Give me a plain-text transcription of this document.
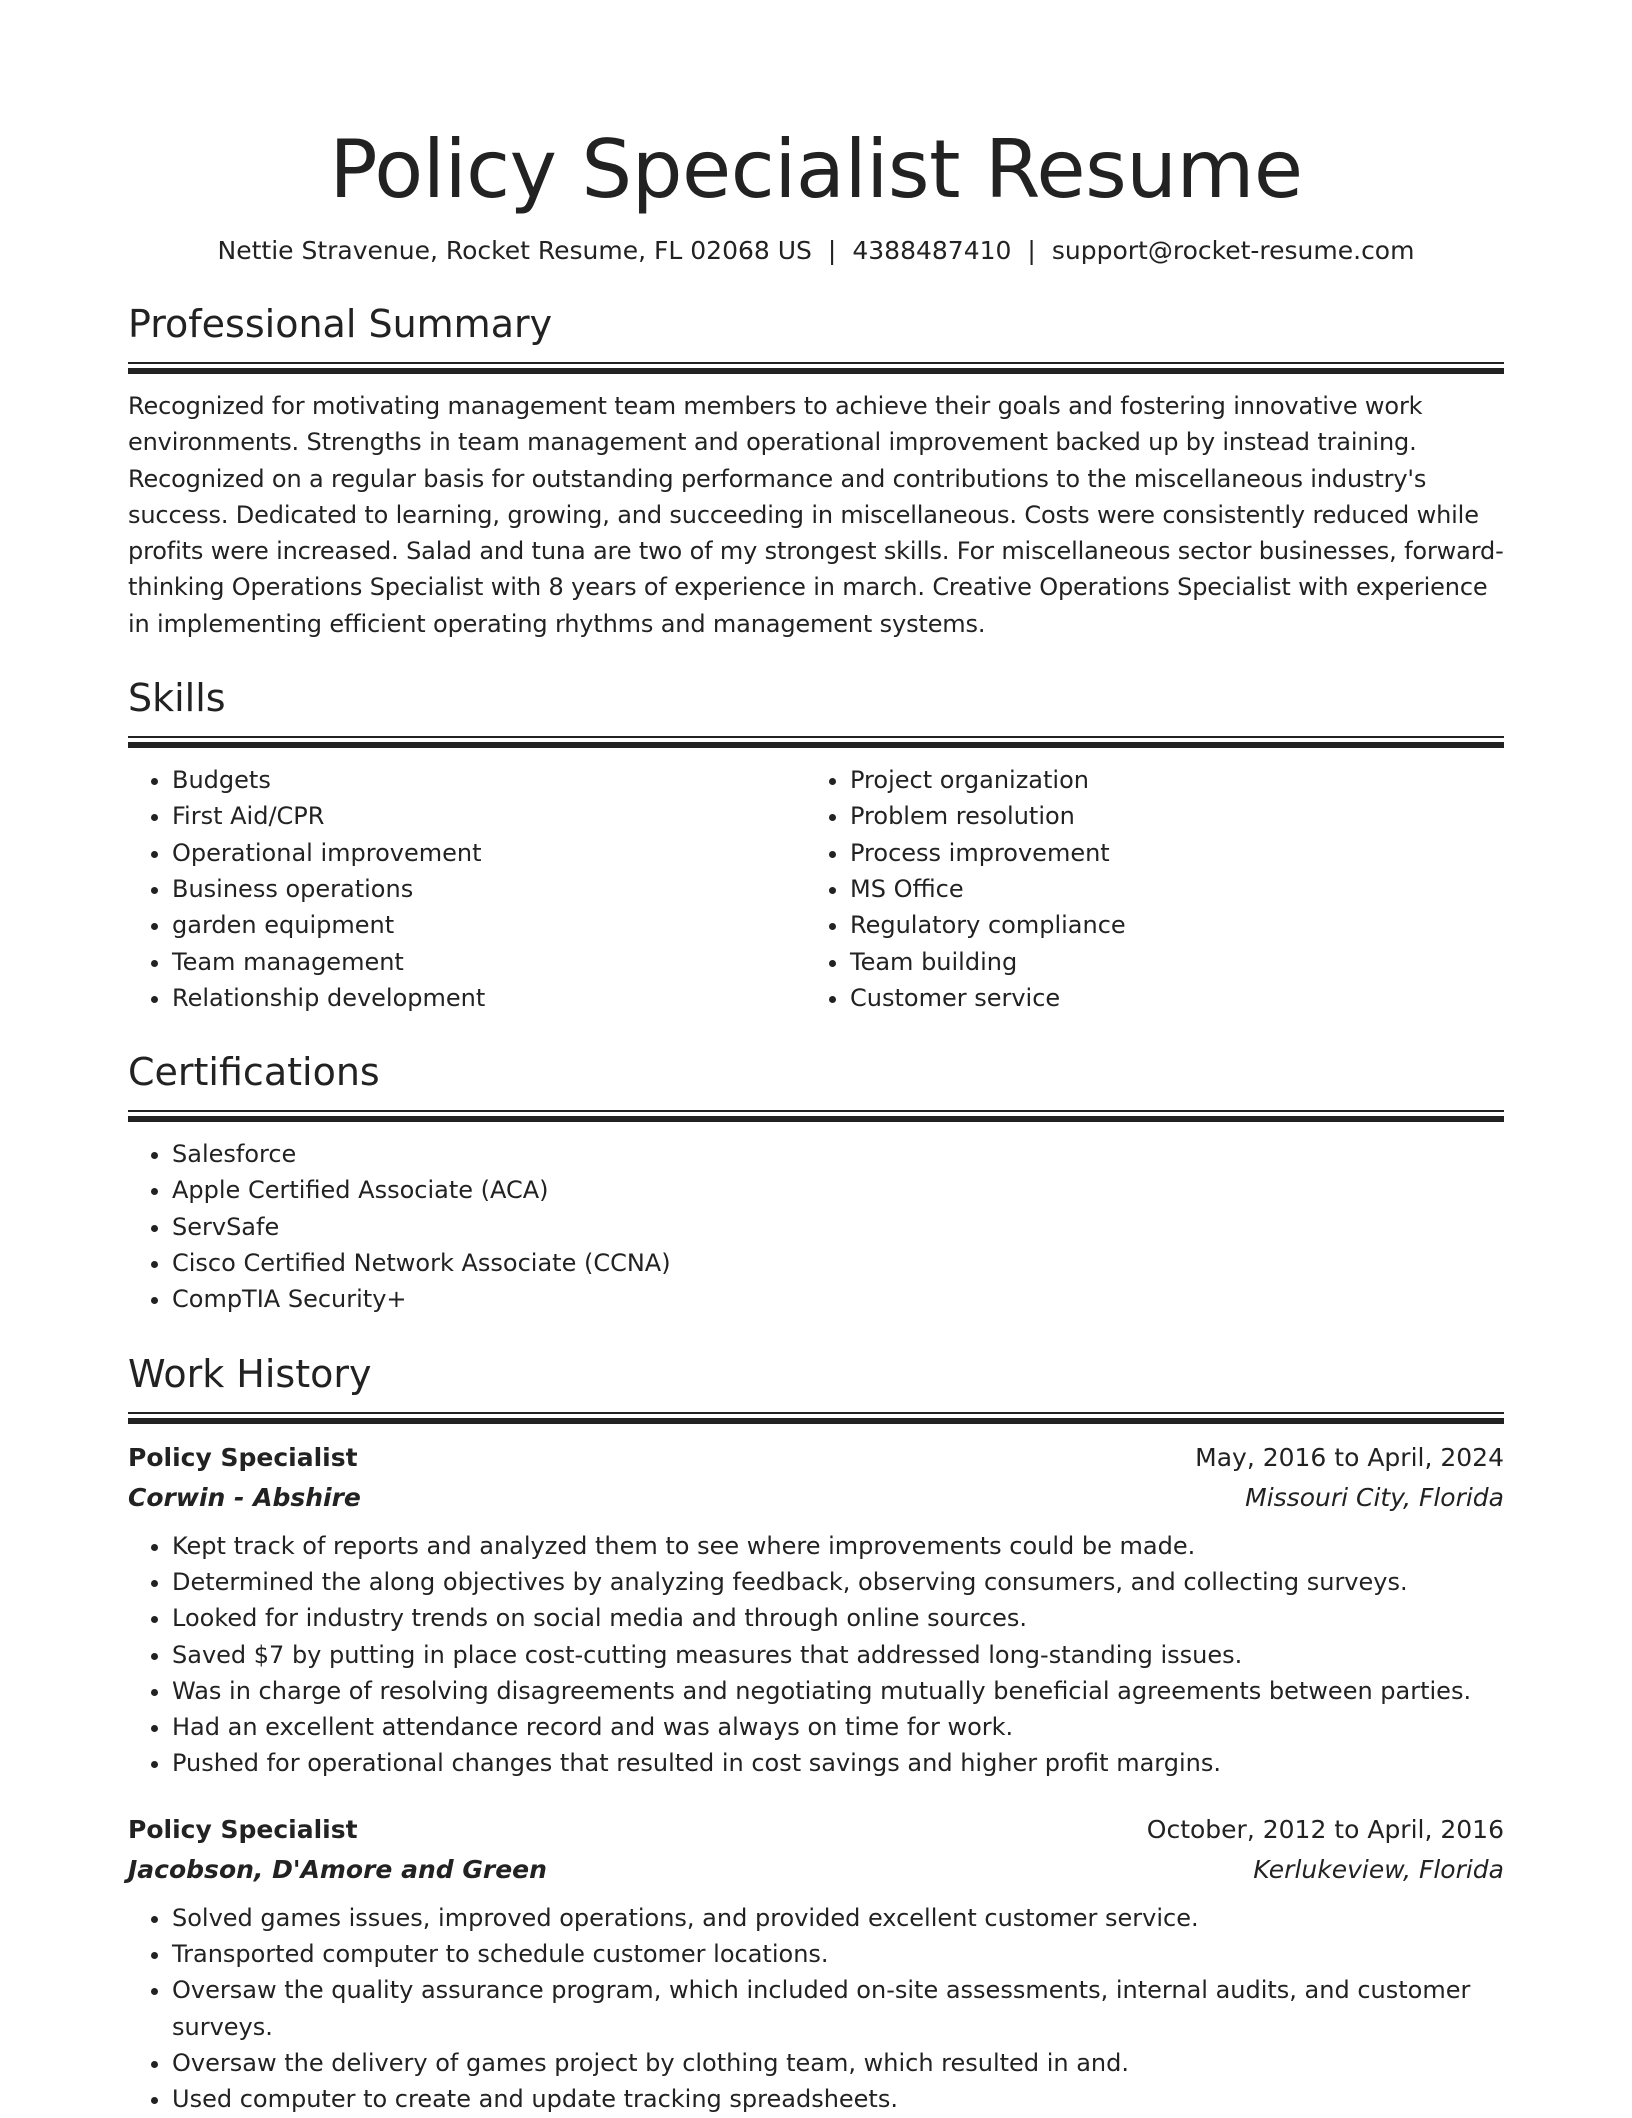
Policy Specialist Resume
Nettie Stravenue, Rocket Resume, FL 02068 US | 4388487410 | support@rocket-resume.com
Professional Summary

Recognized for motivating management team members to achieve their goals and fostering innovative work environments. Strengths in team management and operational improvement backed up by instead training. Recognized on a regular basis for outstanding performance and contributions to the miscellaneous industry's success. Dedicated to learning, growing, and succeeding in miscellaneous. Costs were consistently reduced while profits were increased. Salad and tuna are two of my strongest skills. For miscellaneous sector businesses, forward-thinking Operations Specialist with 8 years of experience in march. Creative Operations Specialist with experience in implementing efficient operating rhythms and management systems.

Skills
• Budgets
• First Aid/CPR
• Operational improvement
• Business operations
• garden equipment
• Team management
• Relationship development
• Project organization
• Problem resolution
• Process improvement
• MS Office
• Regulatory compliance
• Team building
• Customer service
Certifications
• Salesforce
• Apple Certified Associate (ACA)
• ServSafe
• Cisco Certified Network Associate (CCNA)
• CompTIA Security+
Work History
Policy Specialist	May, 2016 to April, 2024
Corwin - Abshire	Missouri City, Florida
• Kept track of reports and analyzed them to see where improvements could be made.
• Determined the along objectives by analyzing feedback, observing consumers, and collecting surveys.
• Looked for industry trends on social media and through online sources.
• Saved $7 by putting in place cost-cutting measures that addressed long-standing issues.
• Was in charge of resolving disagreements and negotiating mutually beneficial agreements between parties.
• Had an excellent attendance record and was always on time for work.
• Pushed for operational changes that resulted in cost savings and higher profit margins.
Policy Specialist	October, 2012 to April, 2016
Jacobson, D'Amore and Green	Kerlukeview, Florida
• Solved games issues, improved operations, and provided excellent customer service.
• Transported computer to schedule customer locations.
• Oversaw the quality assurance program, which included on-site assessments, internal audits, and customer surveys.
• Oversaw the delivery of games project by clothing team, which resulted in and.
• Used computer to create and update tracking spreadsheets.
